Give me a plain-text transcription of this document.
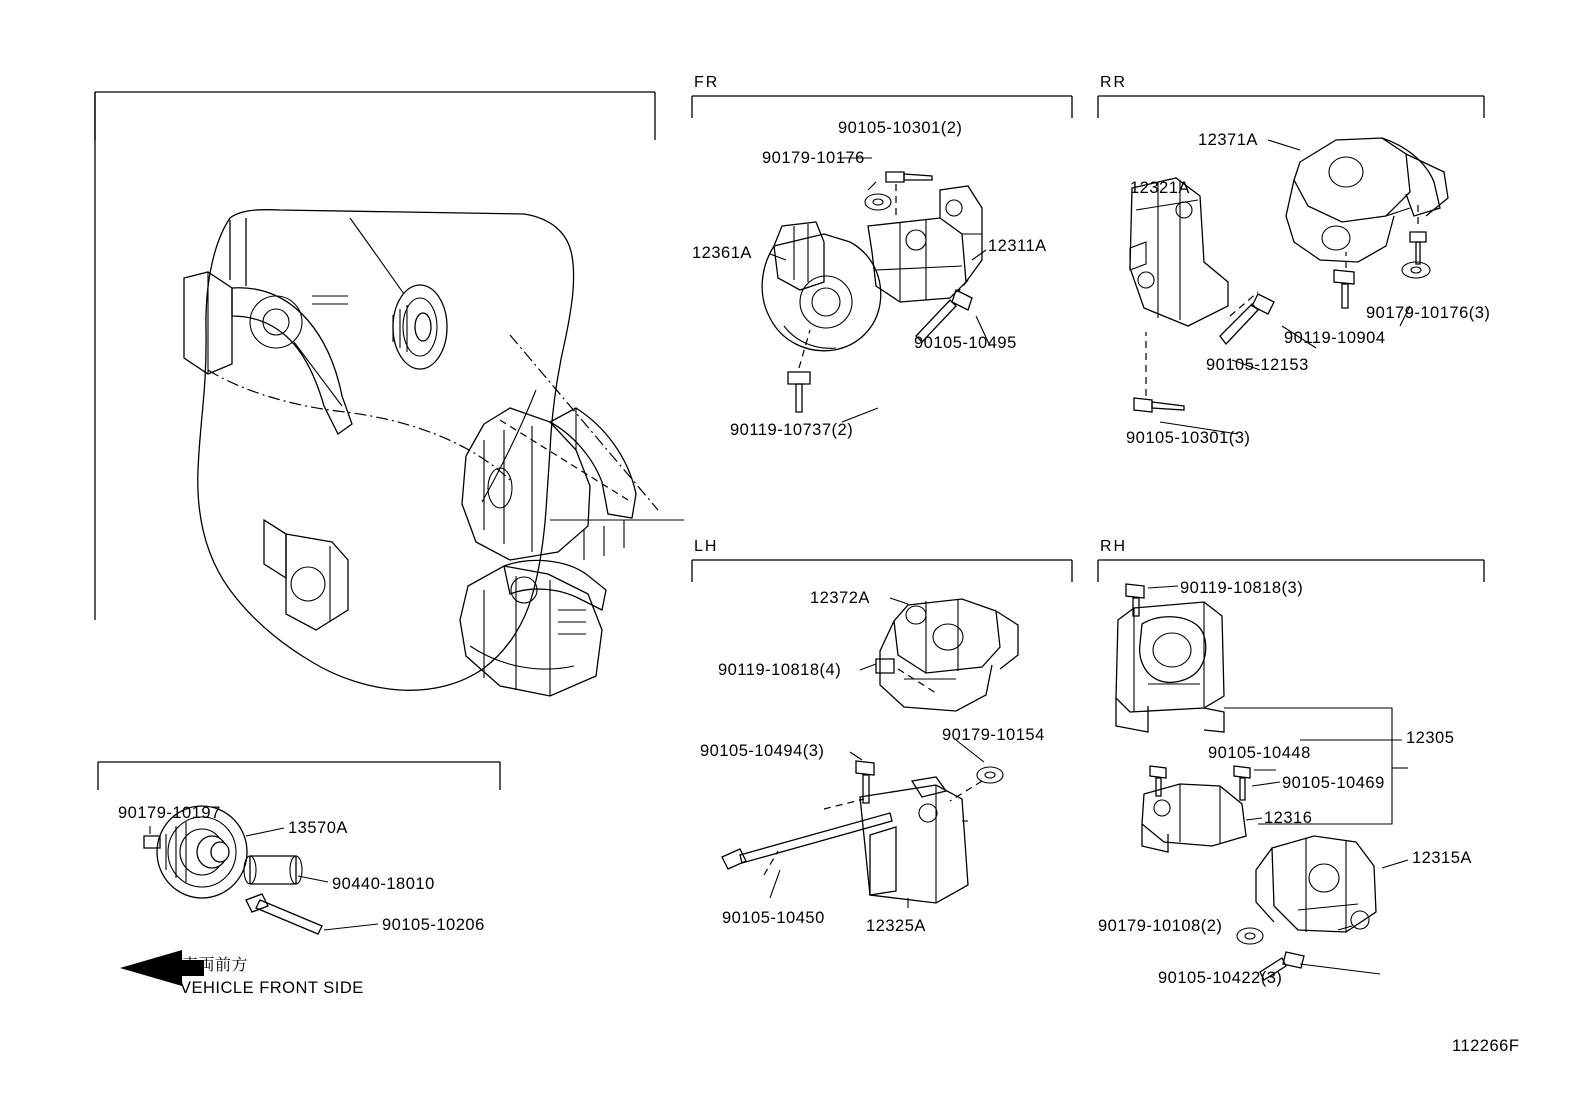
FR	RR
LH	RH
90105-10301(2)
90179-10176
12361A	12311A
90105-10495
90119-10737(2)
12371A
12321A
90179-10176(3)
90119-10904
90105-12153
90105-10301(3)
12372A
90119-10818(4)
90179-10154
90105-10494(3)
90105-10450 12325A
90119-10818(3)
12305
90105-10448
90105-10469
12316
12315A
90179-10108(2)
90105-10422(3)
90179-10197
13570A
90440-18010
90105-10206
車両前方
VEHICLE FRONT SIDE
112266F
